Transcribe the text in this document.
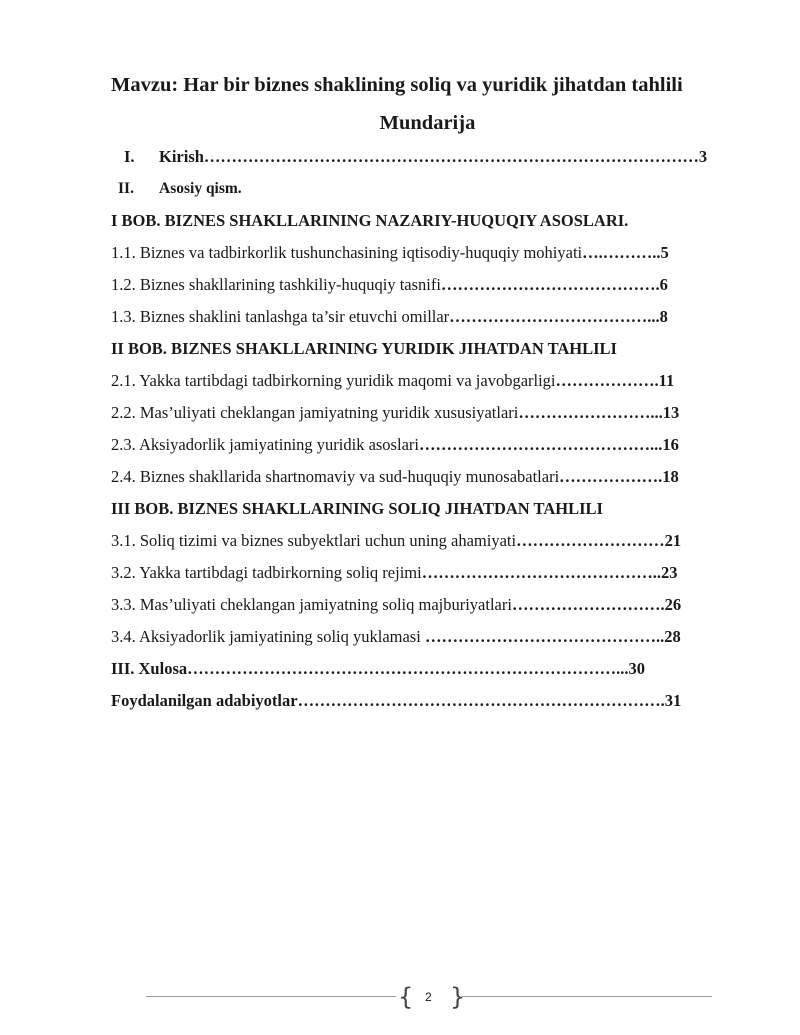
Mavzu: Har bir biznes shaklining soliq va yuridik jihatdan tahlili
Mundarija
I. Kirish………………………………………………………………………………3
II. Asosiy qism.
I BOB. BIZNES SHAKLLARINING NAZARIY-HUQUQIY ASOSLARI.
1.1. Biznes va tadbirkorlik tushunchasining iqtisodiy-huquqiy mohiyati….………..5
1.2. Biznes shakllarining tashkiliy-huquqiy tasnifi………………………………….6
1.3. Biznes shaklini tanlashga ta’sir etuvchi omillar………………………………...8
II BOB. BIZNES SHAKLLARINING YURIDIK JIHATDAN TAHLILI
2.1. Yakka tartibdagi tadbirkorning yuridik maqomi va javobgarligi……………….11
2.2. Mas’uliyati cheklangan jamiyatning yuridik xususiyatlari……………………...13
2.3. Aksiyadorlik jamiyatining yuridik asoslari……………………………………...16
2.4. Biznes shakllarida shartnomaviy va sud-huquqiy munosabatlari……………….18
III BOB. BIZNES SHAKLLARINING SOLIQ JIHATDAN TAHLILI
3.1. Soliq tizimi va biznes subyektlari uchun uning ahamiyati………………………21
3.2. Yakka tartibdagi tadbirkorning soliq rejimi……………………………………..23
3.3. Mas’uliyati cheklangan jamiyatning soliq majburiyatlari……………………….26
3.4. Aksiyadorlik jamiyatining soliq yuklamasi ……………………………………..28
III. Xulosa……………………………………………………………………...30
Foydalanilgan adabiyotlar………………………………………………………….31
{ 2 }
